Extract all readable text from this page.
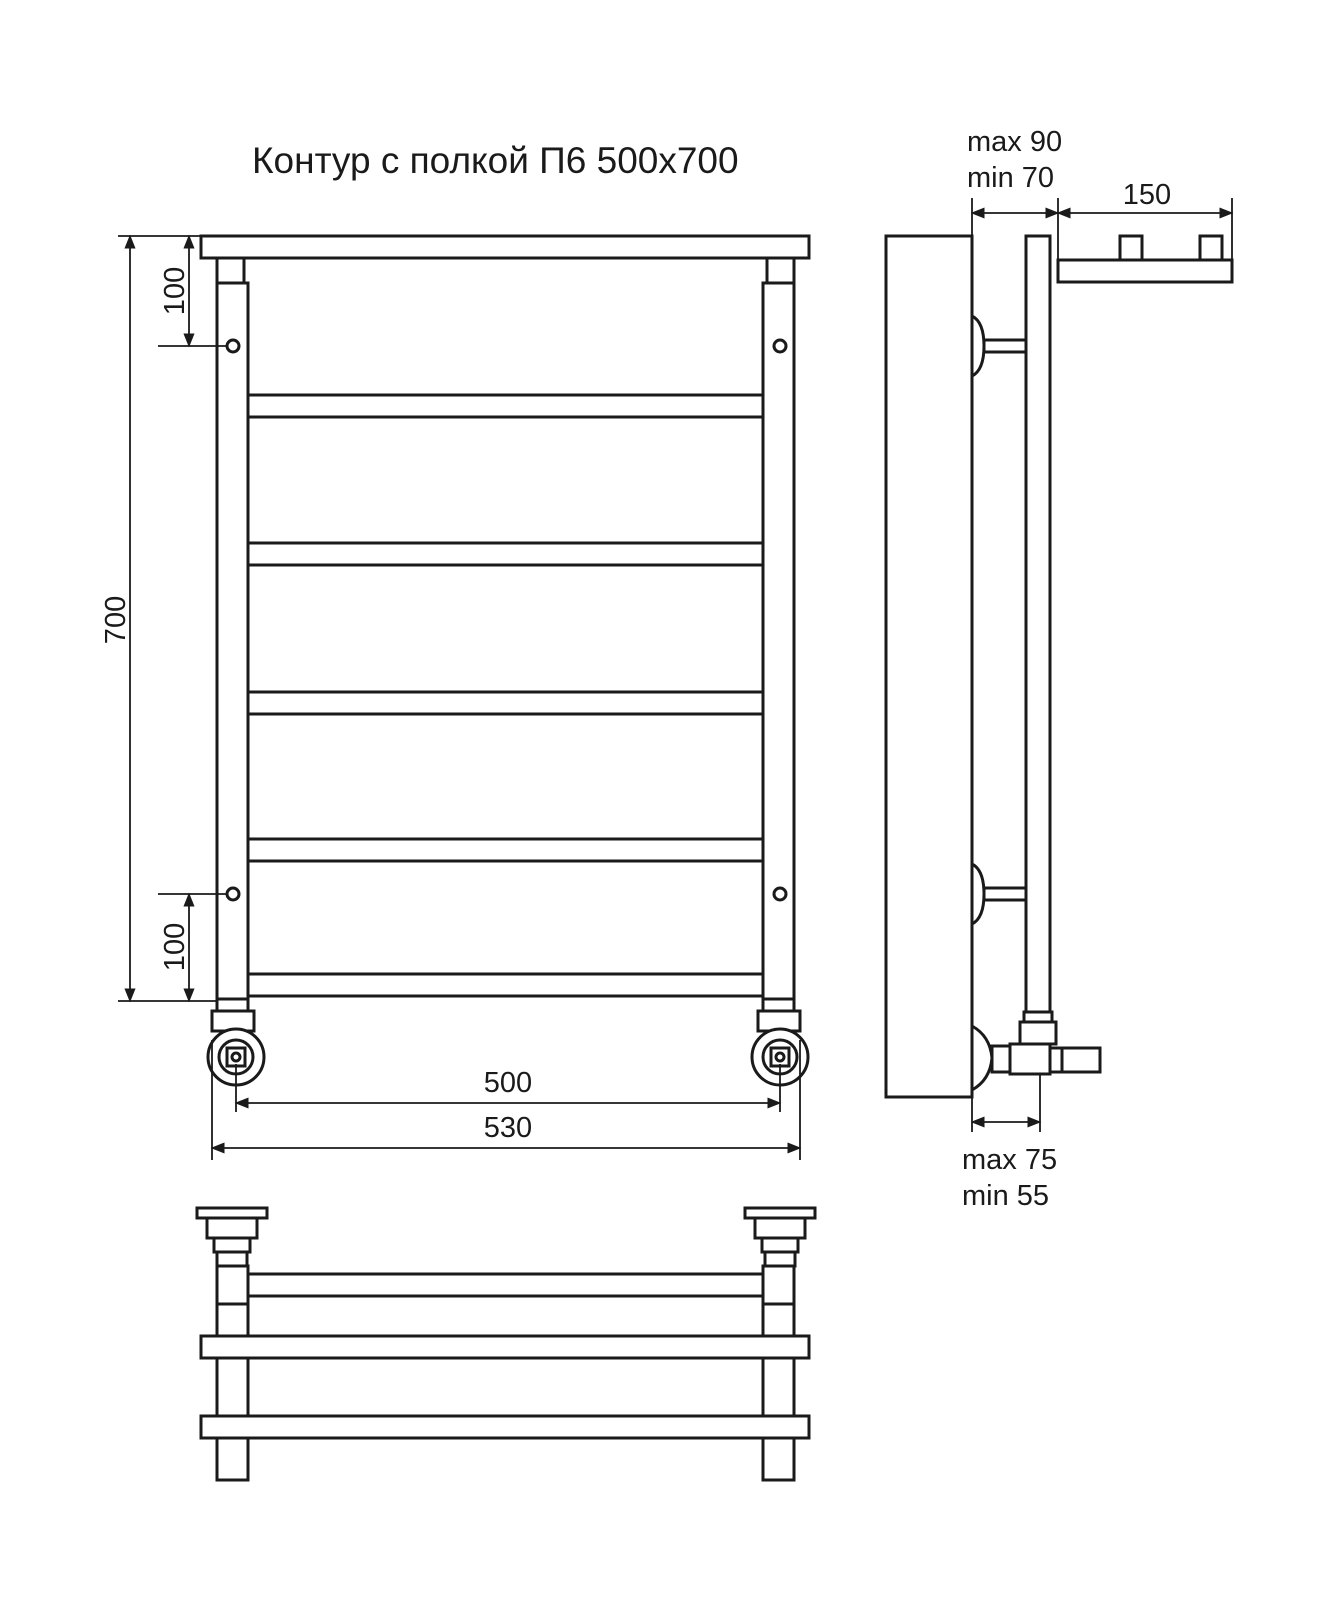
Контур с полкой П6 500х700
700
100
100
500
530
max 90
min 70
150
max 75
min 55
